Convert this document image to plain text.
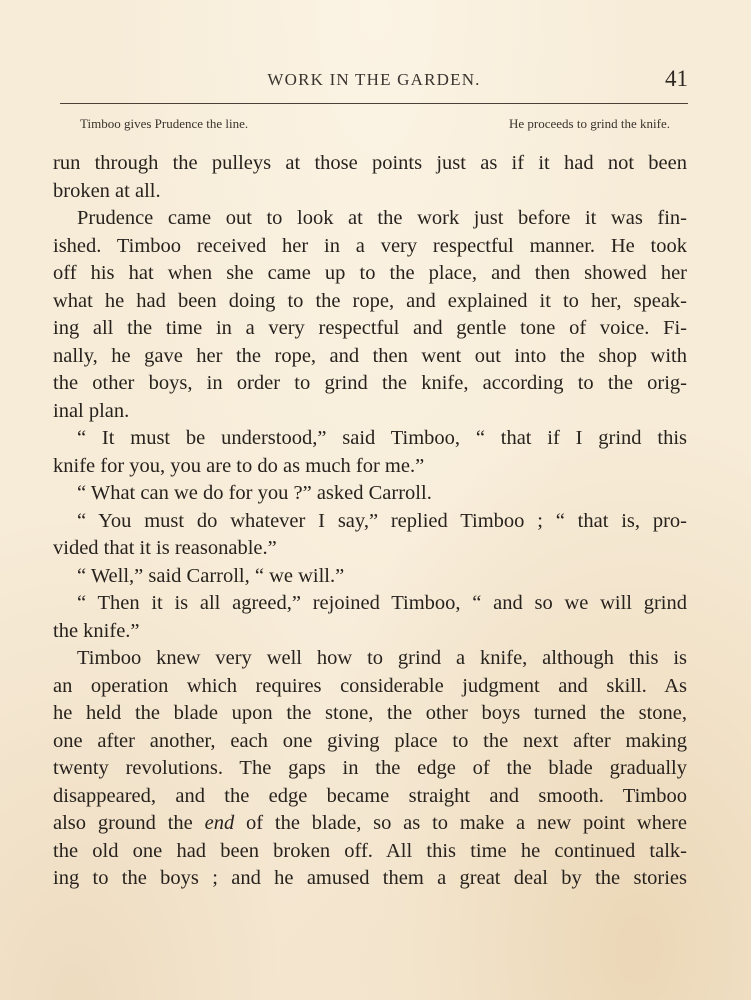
WORK IN THE GARDEN.	41
Timboo gives Prudence the line.	He proceeds to grind the knife.
run through the pulleys at those points just as if it had not been
broken at all.
Prudence came out to look at the work just before it was fin-
ished. Timboo received her in a very respectful manner. He took
off his hat when she came up to the place, and then showed her
what he had been doing to the rope, and explained it to her, speak-
ing all the time in a very respectful and gentle tone of voice. Fi-
nally, he gave her the rope, and then went out into the shop with
the other boys, in order to grind the knife, according to the orig-
inal plan.
“ It must be understood,” said Timboo, “ that if I grind this
knife for you, you are to do as much for me.”
“ What can we do for you ?” asked Carroll.
“ You must do whatever I say,” replied Timboo ; “ that is, pro-
vided that it is reasonable.”
“ Well,” said Carroll, “ we will.”
“ Then it is all agreed,” rejoined Timboo, “ and so we will grind
the knife.”
Timboo knew very well how to grind a knife, although this is
an operation which requires considerable judgment and skill. As
he held the blade upon the stone, the other boys turned the stone,
one after another, each one giving place to the next after making
twenty revolutions. The gaps in the edge of the blade gradually
disappeared, and the edge became straight and smooth. Timboo
also ground the end of the blade, so as to make a new point where
the old one had been broken off. All this time he continued talk-
ing to the boys ; and he amused them a great deal by the stories
